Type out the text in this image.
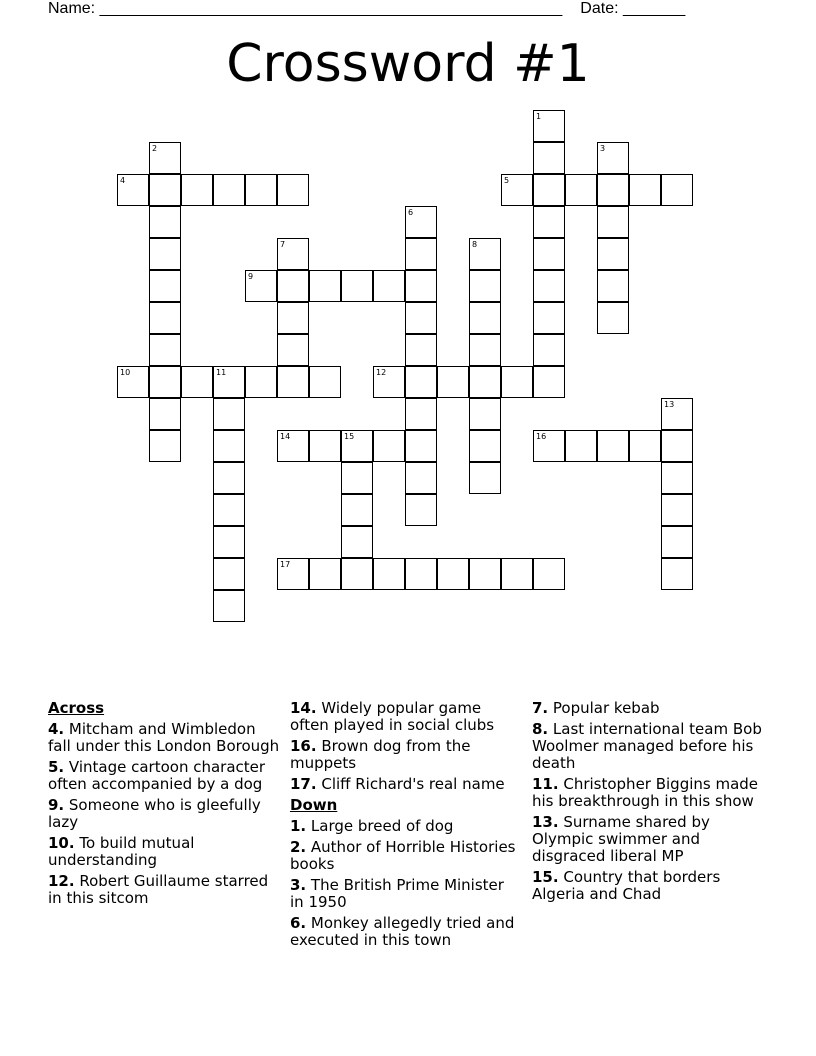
Name: ____________________________________________________ Date: _______
Crossword #1
1
2	3
4	5
6
7	8
9
10	11	12
13
14	15	16
17
Across
4. Mitcham and Wimbledon fall under this London Borough
5. Vintage cartoon character often accompanied by a dog
9. Someone who is gleefully lazy
10. To build mutual understanding
12. Robert Guillaume starred in this sitcom
14. Widely popular game often played in social clubs
16. Brown dog from the muppets
17. Cliff Richard's real name
Down
1. Large breed of dog
2. Author of Horrible Histories books
3. The British Prime Minister in 1950
6. Monkey allegedly tried and executed in this town
7. Popular kebab
8. Last international team Bob Woolmer managed before his death
11. Christopher Biggins made his breakthrough in this show
13. Surname shared by Olympic swimmer and disgraced liberal MP
15. Country that borders Algeria and Chad
